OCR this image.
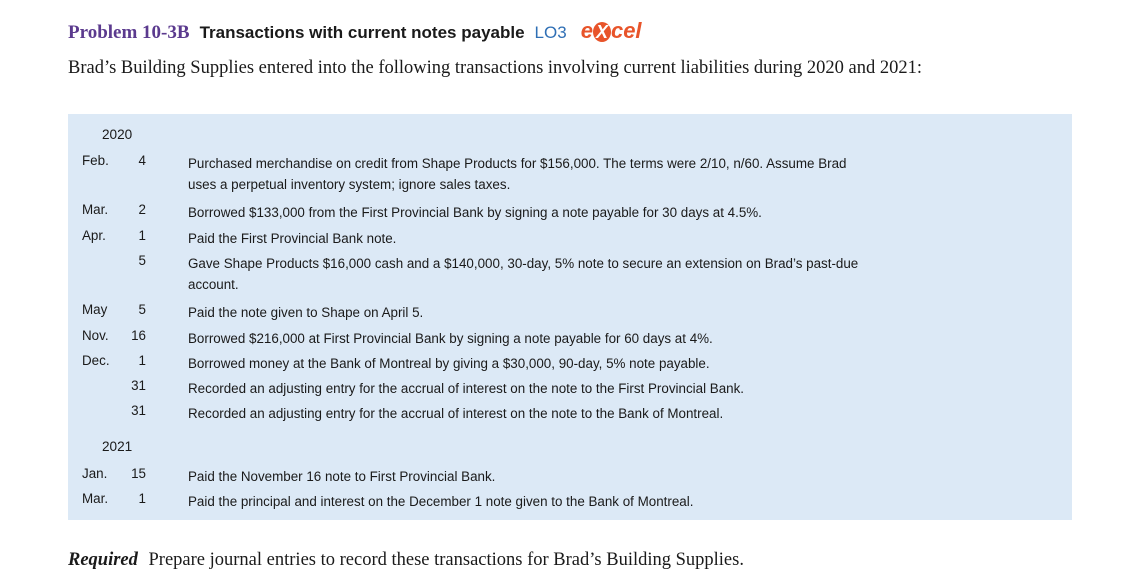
Problem 10-3B Transactions with current notes payable LO3 e X cel
Brad’s Building Supplies entered into the following transactions involving current liabilities during 2020 and 2021:
2020
Feb.	4	Purchased merchandise on credit from Shape Products for $156,000. The terms were 2/10, n/60. Assume Brad
uses a perpetual inventory system; ignore sales taxes.
Mar.	2	Borrowed $133,000 from the First Provincial Bank by signing a note payable for 30 days at 4.5%.
Apr.	1	Paid the First Provincial Bank note.
5	Gave Shape Products $16,000 cash and a $140,000, 30-day, 5% note to secure an extension on Brad’s past-due
account.
May	5	Paid the note given to Shape on April 5.
Nov.	16	Borrowed $216,000 at First Provincial Bank by signing a note payable for 60 days at 4%.
Dec.	1	Borrowed money at the Bank of Montreal by giving a $30,000, 90-day, 5% note payable.
31	Recorded an adjusting entry for the accrual of interest on the note to the First Provincial Bank.
31	Recorded an adjusting entry for the accrual of interest on the note to the Bank of Montreal.
2021
Jan.	15	Paid the November 16 note to First Provincial Bank.
Mar.	1	Paid the principal and interest on the December 1 note given to the Bank of Montreal.
Required Prepare journal entries to record these transactions for Brad’s Building Supplies.
